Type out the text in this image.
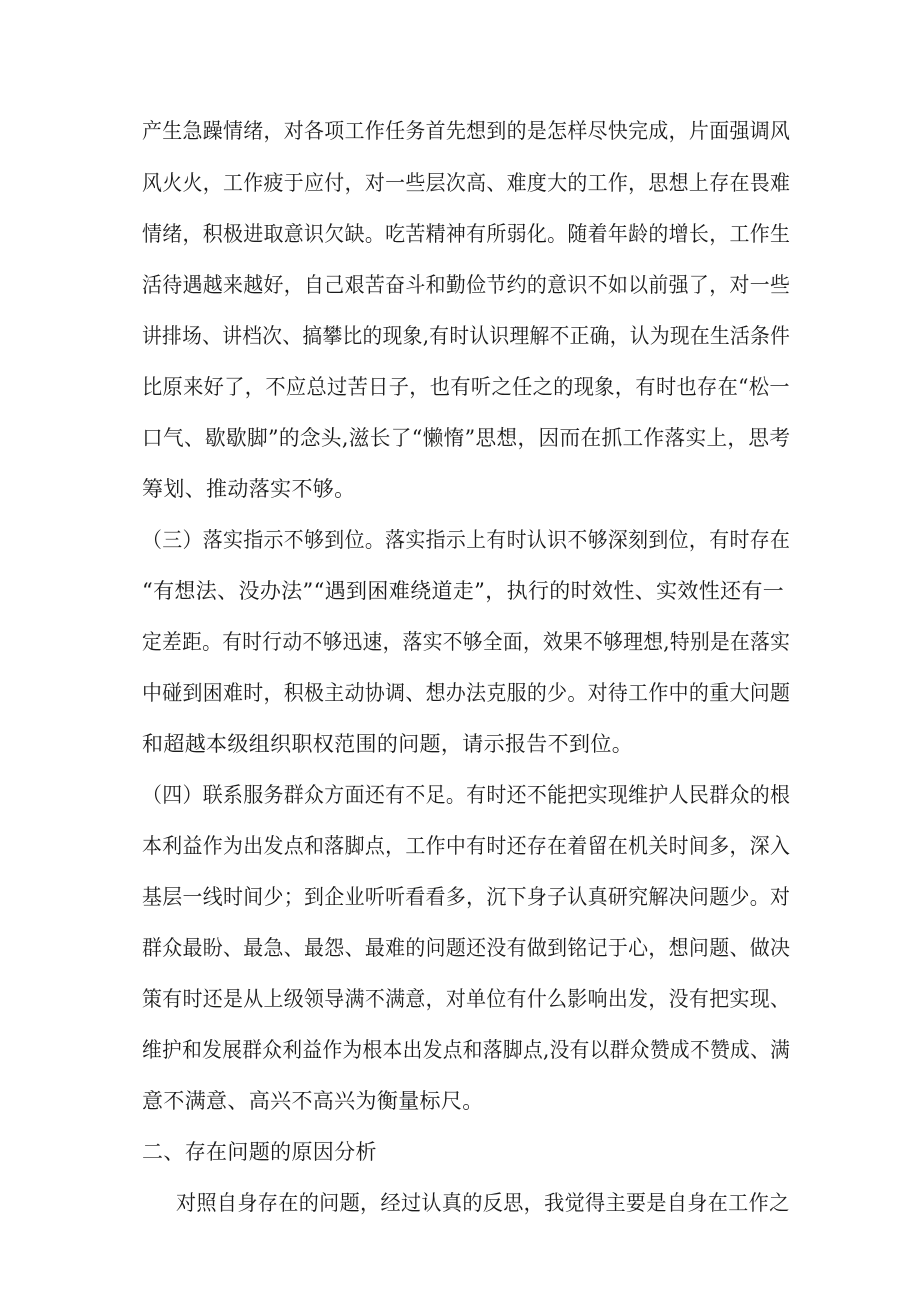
产生急躁情绪，对各项工作任务首先想到的是怎样尽快完成，片面强调风
风火火，工作疲于应付，对一些层次高、难度大的工作，思想上存在畏难
情绪，积极进取意识欠缺。吃苦精神有所弱化。随着年龄的增长，工作生
活待遇越来越好，自己艰苦奋斗和勤俭节约的意识不如以前强了，对一些
讲排场、讲档次、搞攀比的现象,有时认识理解不正确，认为现在生活条件
比原来好了，不应总过苦日子，也有听之任之的现象，有时也存在“松一
口气、歇歇脚”的念头,滋长了“懒惰”思想，因而在抓工作落实上，思考
筹划、推动落实不够。
（三）落实指示不够到位。落实指示上有时认识不够深刻到位，有时存在
“有想法、没办法”“遇到困难绕道走”，执行的时效性、实效性还有一
定差距。有时行动不够迅速，落实不够全面，效果不够理想,特别是在落实
中碰到困难时，积极主动协调、想办法克服的少。对待工作中的重大问题
和超越本级组织职权范围的问题，请示报告不到位。
（四）联系服务群众方面还有不足。有时还不能把实现维护人民群众的根
本利益作为出发点和落脚点，工作中有时还存在着留在机关时间多，深入
基层一线时间少；到企业听听看看多，沉下身子认真研究解决问题少。对
群众最盼、最急、最怨、最难的问题还没有做到铭记于心，想问题、做决
策有时还是从上级领导满不满意，对单位有什么影响出发，没有把实现、
维护和发展群众利益作为根本出发点和落脚点,没有以群众赞成不赞成、满
意不满意、高兴不高兴为衡量标尺。
二、存在问题的原因分析
对照自身存在的问题，经过认真的反思，我觉得主要是自身在工作之
